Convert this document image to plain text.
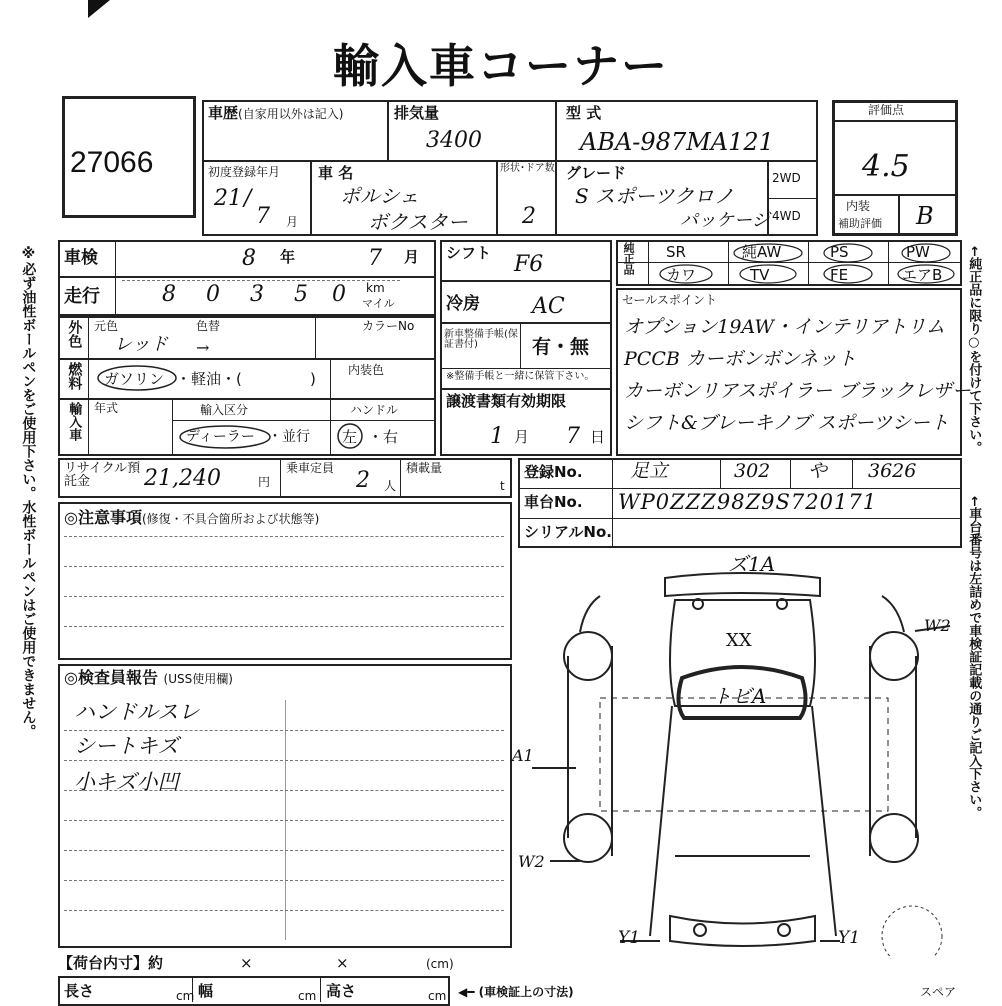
輸入車コーナー
27066
車歴(自家用以外は記入)	排気量
3400
型 式
ABA-987MA121
初度登録年月
21 /
7 月
車 名
ポルシェ
ボクスター
形状･ドア数
2
グレード
S スポーツクロノ
パッケージ
2WD
4WD
評価点
4.5
内装
補助評価 B
車検	8 年	7 月
走行	8 0 3 5 0 km
マイル
外色 元色	色替	カラーNo
レッド →
燃料 ガソリン ・軽油・(	)	内装色
輸入車 年式	輸入区分	ハンドル
ディーラー ・並行 左 ・右
シフト F6
冷房 AC
新車整備手帳(保証書付)	有・無
※整備手帳と一緒に保管下さい。
譲渡書類有効期限
1 月 7 日
純正品 SR	純AW	PS	PW
カワ	TV	FE	エアB
セールスポイント
オプション19AW・インテリアトリム
PCCB カーボンボンネット
カーボンリアスポイラー ブラックレザー
シフト&ブレーキノブ スポーツシート
リサイクル預託金	21,240	円
乗車定員 2 人
積載量
t
登録No. 足立	302 や 3626
車台No. WP0ZZZ98Z9S720171
シリアルNo.
◎注意事項(修復・不具合箇所および状態等)
◎検査員報告 (USS使用欄)
ハンドルスレ
シートキズ
小キズ小凹
【荷台内寸】約	×	×	(cm)
長さ	cm 幅	cm 高さ	cm ◀━ (車検証上の寸法)
ズ1A
XX
トビA
W2
A1
W2
Y1	Y1
スペア
※必ず油性ボールペンをご使用下さい。水性ボールペンはご使用できません。	←純正品に限り○を付けて下さい。
←車台番号は左詰めで車検証記載の通りご記入下さい。
